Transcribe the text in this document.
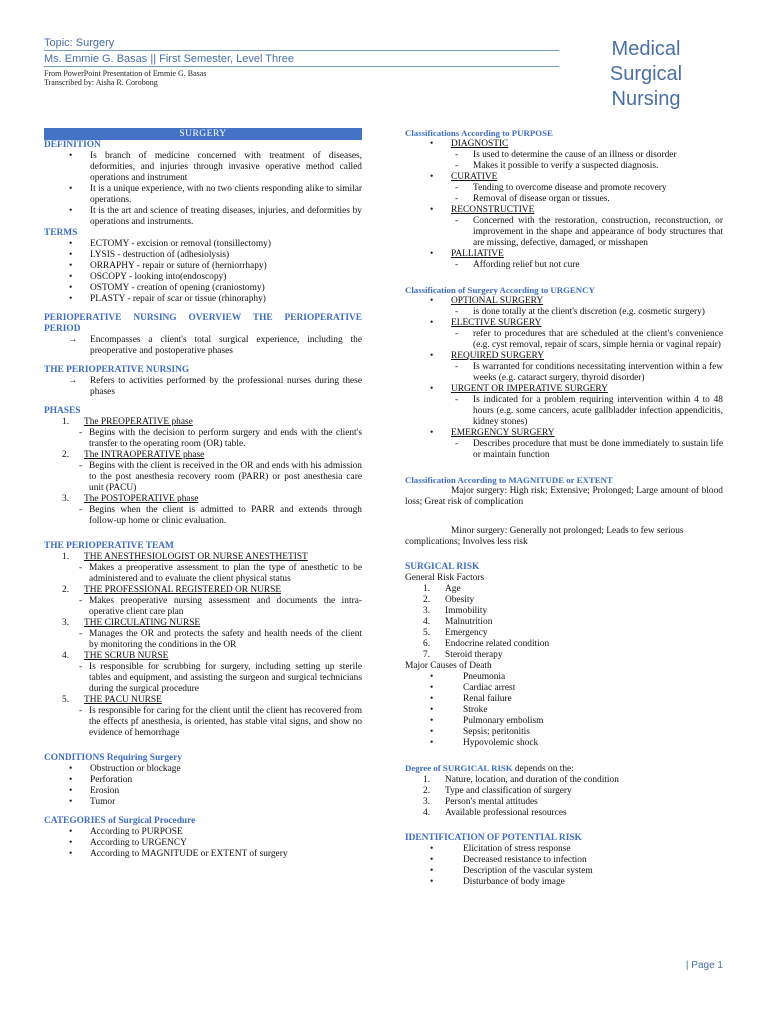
Topic: Surgery
Ms. Emmie G. Basas || First Semester, Level Three
From PowerPoint Presentation of Emmie G. Basas
Transcribed by: Aisha R. Corobong
Medical
Surgical
Nursing
SURGERY
DEFINITION
• Is branch of medicine concerned with treatment of diseases, deformities, and injuries through invasive operative method called operations and instrument
• It is a unique experience, with no two clients responding alike to similar operations.
• It is the art and science of treating diseases, injuries, and deformities by operations and instruments.
TERMS
• ECTOMY - excision or removal (tonsillectomy)
• LYSIS - destruction of (adhesiolysis)
• ORRAPHY - repair or suture of (herniorrhapy)
• OSCOPY - looking into(endoscopy)
• OSTOMY - creation of opening (craniostomy)
• PLASTY - repair of scar or tissue (rhinoraphy)
PERIOPERATIVE NURSING OVERVIEW THE PERIOPERATIVE PERIOD
→ Encompasses a client's total surgical experience, including the preoperative and postoperative phases
THE PERIOPERATIVE NURSING
→ Refers to activities performed by the professional nurses during these phases
PHASES
1. The PREOPERATIVE phase
- Begins with the decision to perform surgery and ends with the client's transfer to the operating room (OR) table.
2. The INTRAOPERATIVE phase
- Begins with the client is received in the OR and ends with his admission to the post anesthesia recovery room (PARR) or post anesthesia care unit (PACU)
3. The POSTOPERATIVE phase
- Begins when the client is admitted to PARR and extends through follow-up home or clinic evaluation.
THE PERIOPERATIVE TEAM
1. THE ANESTHESIOLOGIST OR NURSE ANESTHETIST
- Makes a preoperative assessment to plan the type of anesthetic to be administered and to evaluate the client physical status
2. THE PROFESSIONAL REGISTERED OR NURSE
- Makes preoperative nursing assessment and documents the intra-operative client care plan
3. THE CIRCULATING NURSE
- Manages the OR and protects the safety and health needs of the client by monitoring the conditions in the OR
4. THE SCRUB NURSE
- Is responsible for scrubbing for surgery, including setting up sterile tables and equipment, and assisting the surgeon and surgical technicians during the surgical procedure
5. THE PACU NURSE
- Is responsible for caring for the client until the client has recovered from the effects pf anesthesia, is oriented, has stable vital signs, and show no evidence of hemorrhage
CONDITIONS Requiring Surgery
• Obstruction or blockage
• Perforation
• Erosion
• Tumor
CATEGORIES of Surgical Procedure
• According to PURPOSE
• According to URGENCY
• According to MAGNITUDE or EXTENT of surgery
Classifications According to PURPOSE
• DIAGNOSTIC
- Is used to determine the cause of an illness or disorder
- Makes it possible to verify a suspected diagnosis.
• CURATIVE
- Tending to overcome disease and promote recovery
- Removal of disease organ or tissues.
• RECONSTRUCTIVE
- Concerned with the restoration, construction, reconstruction, or improvement in the shape and appearance of body structures that are missing, defective, damaged, or misshapen
• PALLIATIVE
- Affording relief but not cure
Classification of Surgery According to URGENCY
• OPTIONAL SURGERY
- is done totally at the client's discretion (e.g. cosmetic surgery)
• ELECTIVE SURGERY
- refer to procedures that are scheduled at the client's convenience (e.g. cyst removal, repair of scars, simple hernia or vaginal repair)
• REQUIRED SURGERY
- Is warranted for conditions necessitating intervention within a few weeks (e.g. cataract surgery, thyroid disorder)
• URGENT OR IMPERATIVE SURGERY
- Is indicated for a problem requiring intervention within 4 to 48 hours (e.g. some cancers, acute gallbladder infection appendicitis, kidney stones)
• EMERGENCY SURGERY
- Describes procedure that must be done immediately to sustain life or maintain function
Classification According to MAGNITUDE or EXTENT
Major surgery: High risk; Extensive; Prolonged; Large amount of blood loss; Great risk of complication
Minor surgery: Generally not prolonged; Leads to few serious complications; Involves less risk
SURGICAL RISK
General Risk Factors
1. Age
2. Obesity
3. Immobility
4. Malnutrition
5. Emergency
6. Endocrine related condition
7. Steroid therapy
Major Causes of Death
• Pneumonia
• Cardiac arrest
• Renal failure
• Stroke
• Pulmonary embolism
• Sepsis; peritonitis
• Hypovolemic shock
Degree of SURGICAL RISK depends on the:
1. Nature, location, and duration of the condition
2. Type and classification of surgery
3. Person's mental attitudes
4. Available professional resources
IDENTIFICATION OF POTENTIAL RISK
• Elicitation of stress response
• Decreased resistance to infection
• Description of the vascular system
• Disturbance of body image
| Page 1
